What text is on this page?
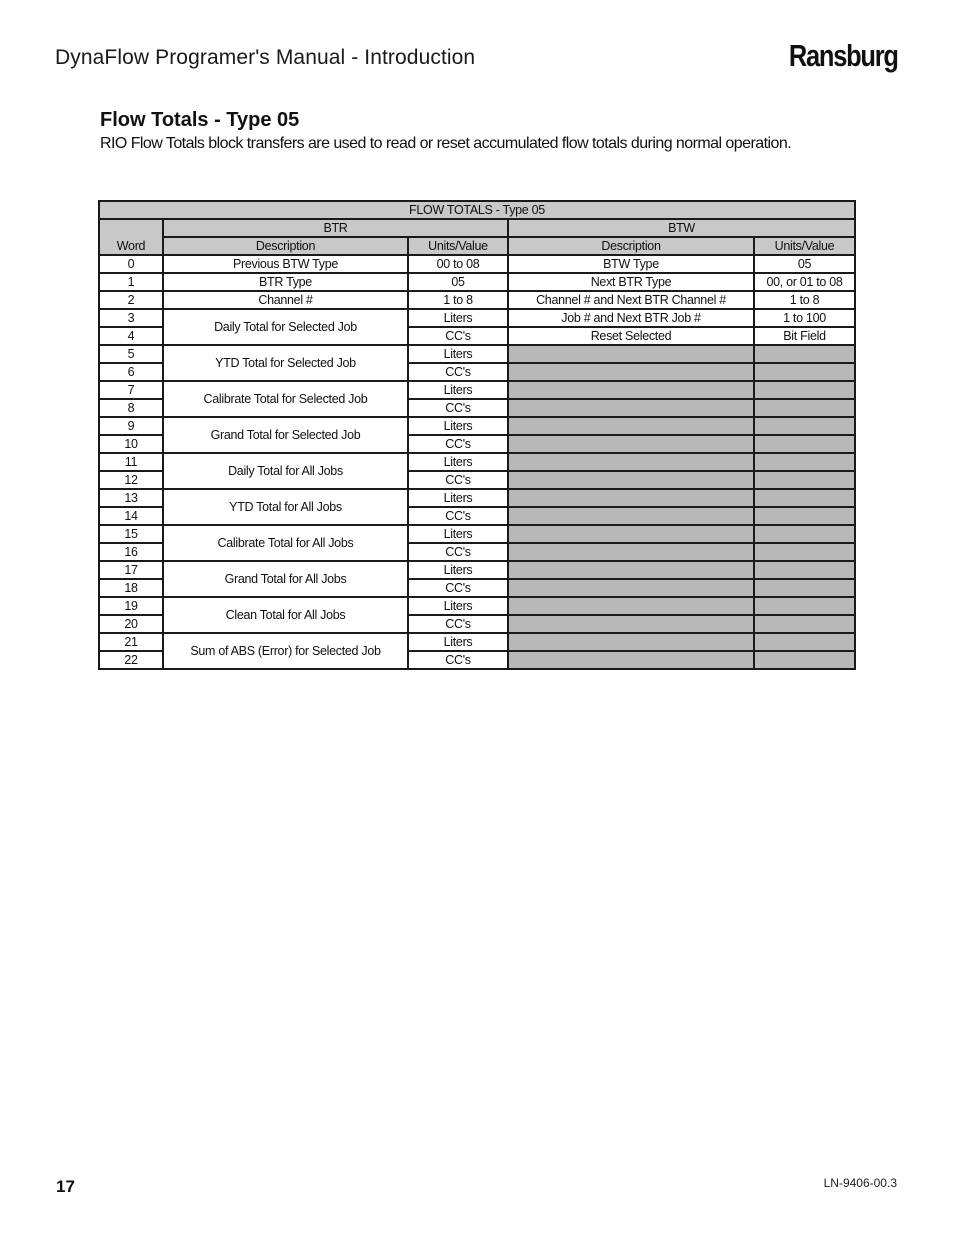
DynaFlow Programer's Manual - Introduction	Ransburg
Flow Totals - Type 05
RIO Flow Totals block transfers are used to read or reset accumulated flow totals during normal operation.
FLOW TOTALS - Type 05				
Word	BTR		BTW	
	Description	Units/Value	Description	Units/Value
0	Previous BTW Type	00 to 08	BTW Type	05
1	BTR Type	05	Next BTR Type	00, or 01 to 08
2	Channel #	1 to 8	Channel # and Next BTR Channel #	1 to 8
3	Daily Total for Selected Job	Liters	Job # and Next BTR Job #	1 to 100
4		CC's	Reset Selected	Bit Field
5	YTD Total for Selected Job	Liters		
6		CC's		
7	Calibrate Total for Selected Job	Liters		
8		CC's		
9	Grand Total for Selected Job	Liters		
10		CC's		
11	Daily Total for All Jobs	Liters		
12		CC's		
13	YTD Total for All Jobs	Liters		
14		CC's		
15	Calibrate Total for All Jobs	Liters		
16		CC's		
17	Grand Total for All Jobs	Liters		
18		CC's		
19	Clean Total for All Jobs	Liters		
20		CC's		
21	Sum of ABS (Error) for Selected Job	Liters		
22		CC's		
17	LN-9406-00.3
